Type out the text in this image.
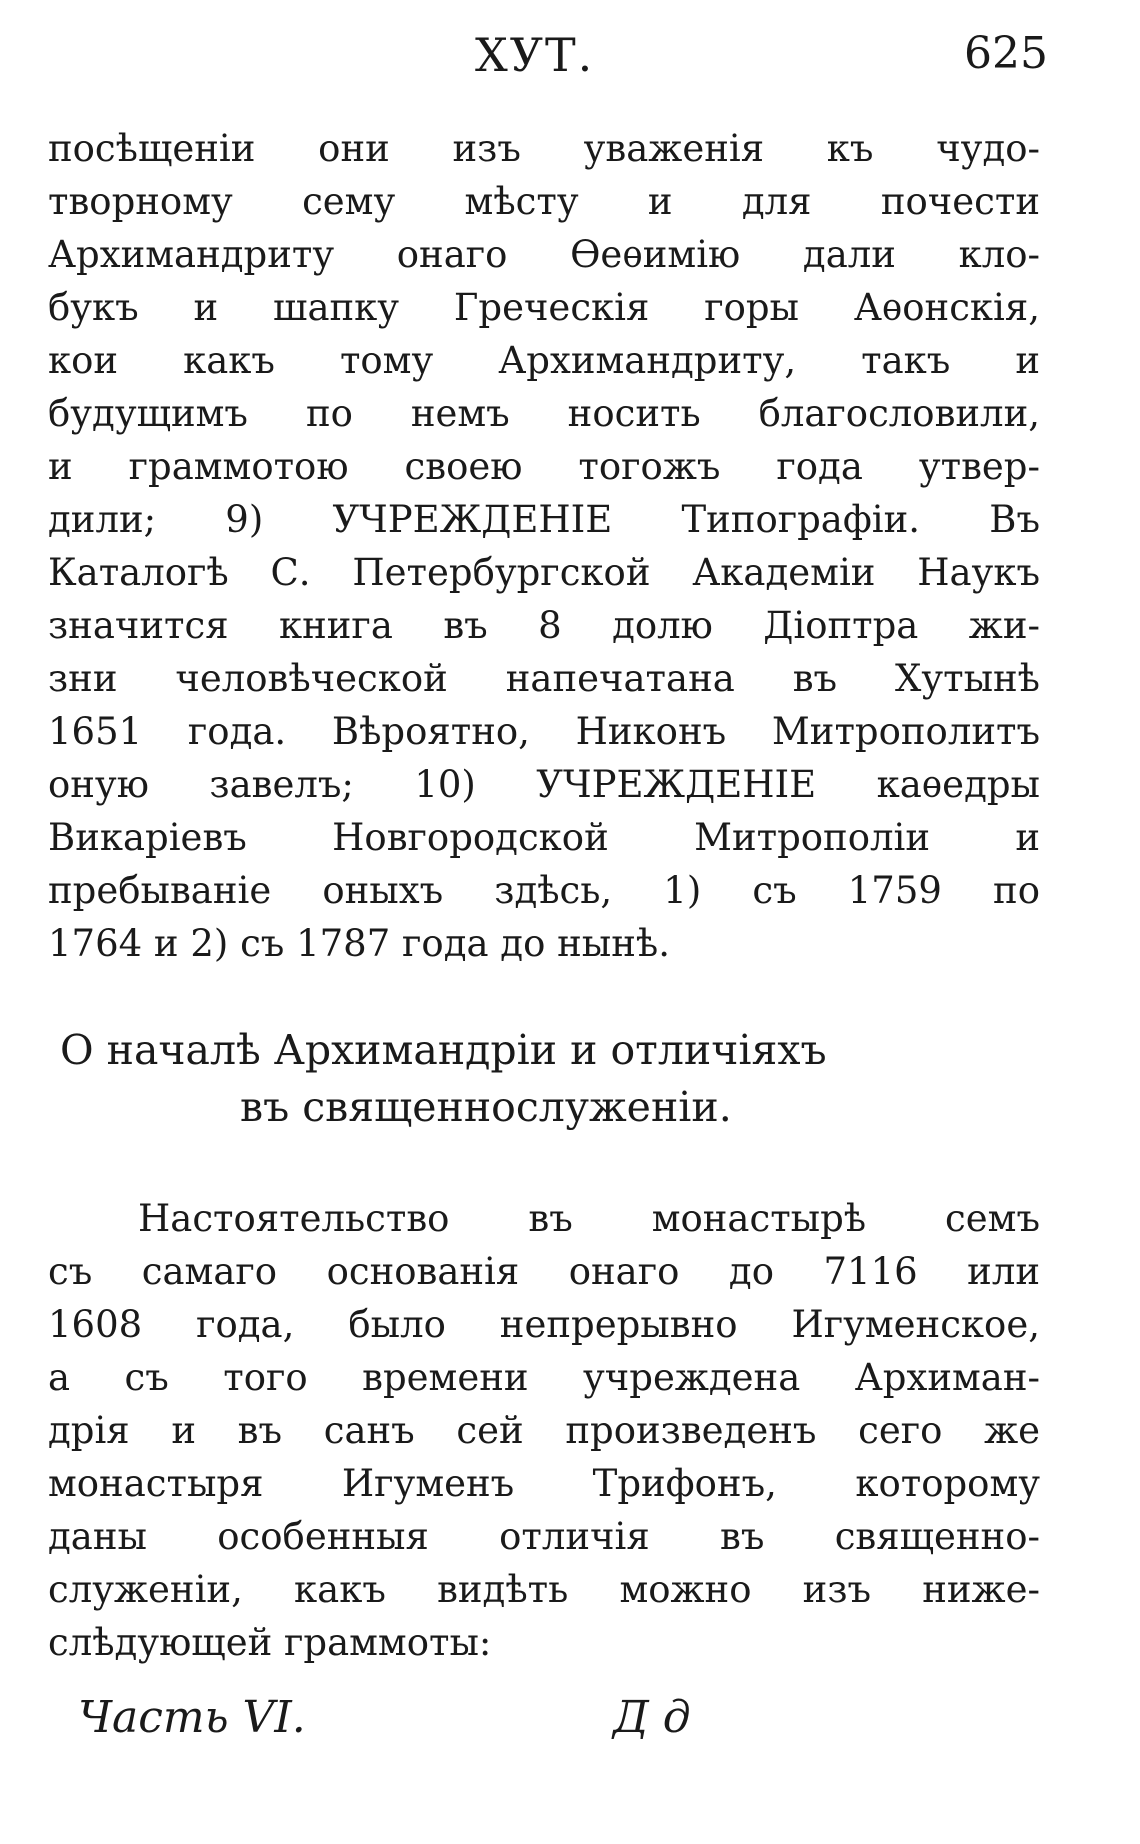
ХУТ.	625
посѣщеніи они изъ уваженія къ чудо-
творному сему мѣсту и для почести
Архимандриту онаго Ѳеѳимію дали кло-
букъ и шапку Греческія горы Аѳонскія,
кои какъ тому Архимандриту, такъ и
будущимъ по немъ носить благословили,
и граммотою своею тогожъ года утвер-
дили; 9) УЧРЕЖДЕНІЕ Типографіи. Въ
Каталогѣ С. Петербургской Академіи Наукъ
значится книга въ 8 долю Діоптра жи-
зни человѣческой напечатана въ Хутынѣ
1651 года. Вѣроятно, Никонъ Митрополитъ
оную завелъ; 10) УЧРЕЖДЕНІЕ каѳедры
Викаріевъ Новгородской Митрополіи и
пребываніе оныхъ здѣсь, 1) съ 1759 по
1764 и 2) съ 1787 года до нынѣ.
О началѣ Архимандріи и отличіяхъ
въ священнослуженіи.
Настоятельство въ монастырѣ семъ
съ самаго основанія онаго до 7116 или
1608 года, было непрерывно Игуменское,
а съ того времени учреждена Архиман-
дрія и въ санъ сей произведенъ сего же
монастыря Игуменъ Трифонъ, которому
даны особенныя отличія въ священно-
служеніи, какъ видѣть можно изъ ниже-
слѣдующей граммоты:
Часть VI.	Д д
